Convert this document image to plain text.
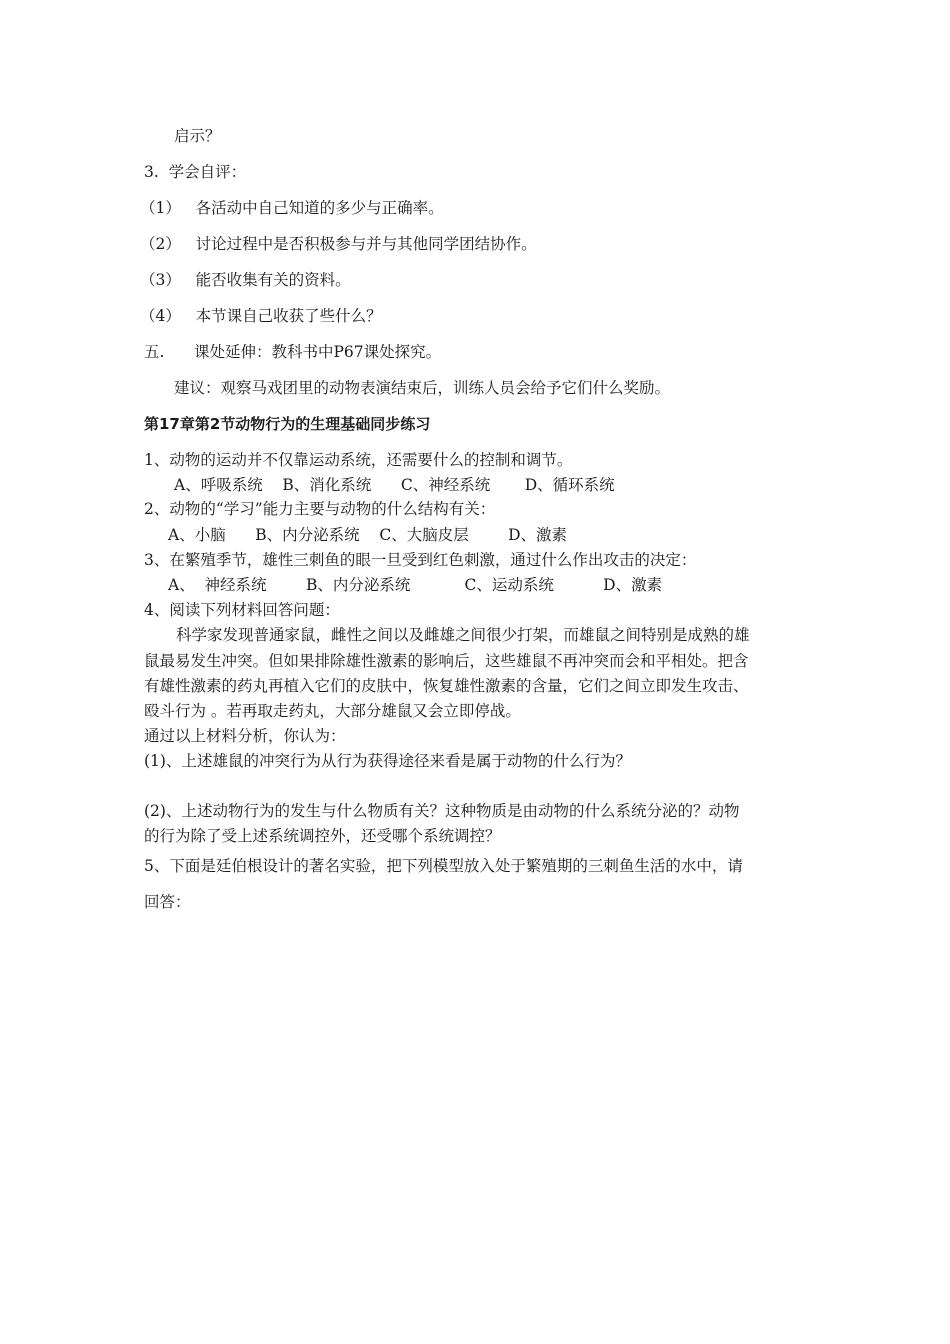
启示？
3.  学会自评：
（1）   各活动中自己知道的多少与正确率。
（2）   讨论过程中是否积极参与并与其他同学团结协作。
（3）   能否收集有关的资料。
（4）   本节课自己收获了些什么？
五.      课处延伸：教科书中P67课处探究。
建议：观察马戏团里的动物表演结束后，训练人员会给予它们什么奖励。
第17章第2节动物行为的生理基础同步练习
1、动物的运动并不仅靠运动系统，还需要什么的控制和调节。
A、呼吸系统    B、消化系统      C、神经系统       D、循环系统
2、动物的“学习”能力主要与动物的什么结构有关：
A、小脑      B、内分泌系统    C、大脑皮层        D、激素
3、在繁殖季节，雄性三刺鱼的眼一旦受到红色刺激，通过什么作出攻击的决定：
A、  神经系统        B、内分泌系统           C、运动系统          D、激素
4、阅读下列材料回答问题：
科学家发现普通家鼠，雌性之间以及雌雄之间很少打架，而雄鼠之间特别是成熟的雄
鼠最易发生冲突。但如果排除雄性激素的影响后，这些雄鼠不再冲突而会和平相处。把含
有雄性激素的药丸再植入它们的皮肤中，恢复雄性激素的含量，它们之间立即发生攻击、
殴斗行为 。若再取走药丸，大部分雄鼠又会立即停战。
通过以上材料分析，你认为：
(1)、上述雄鼠的冲突行为从行为获得途径来看是属于动物的什么行为？
(2)、上述动物行为的发生与什么物质有关？这种物质是由动物的什么系统分泌的？动物
的行为除了受上述系统调控外，还受哪个系统调控？
5、下面是廷伯根设计的著名实验，把下列模型放入处于繁殖期的三刺鱼生活的水中，请
回答：
